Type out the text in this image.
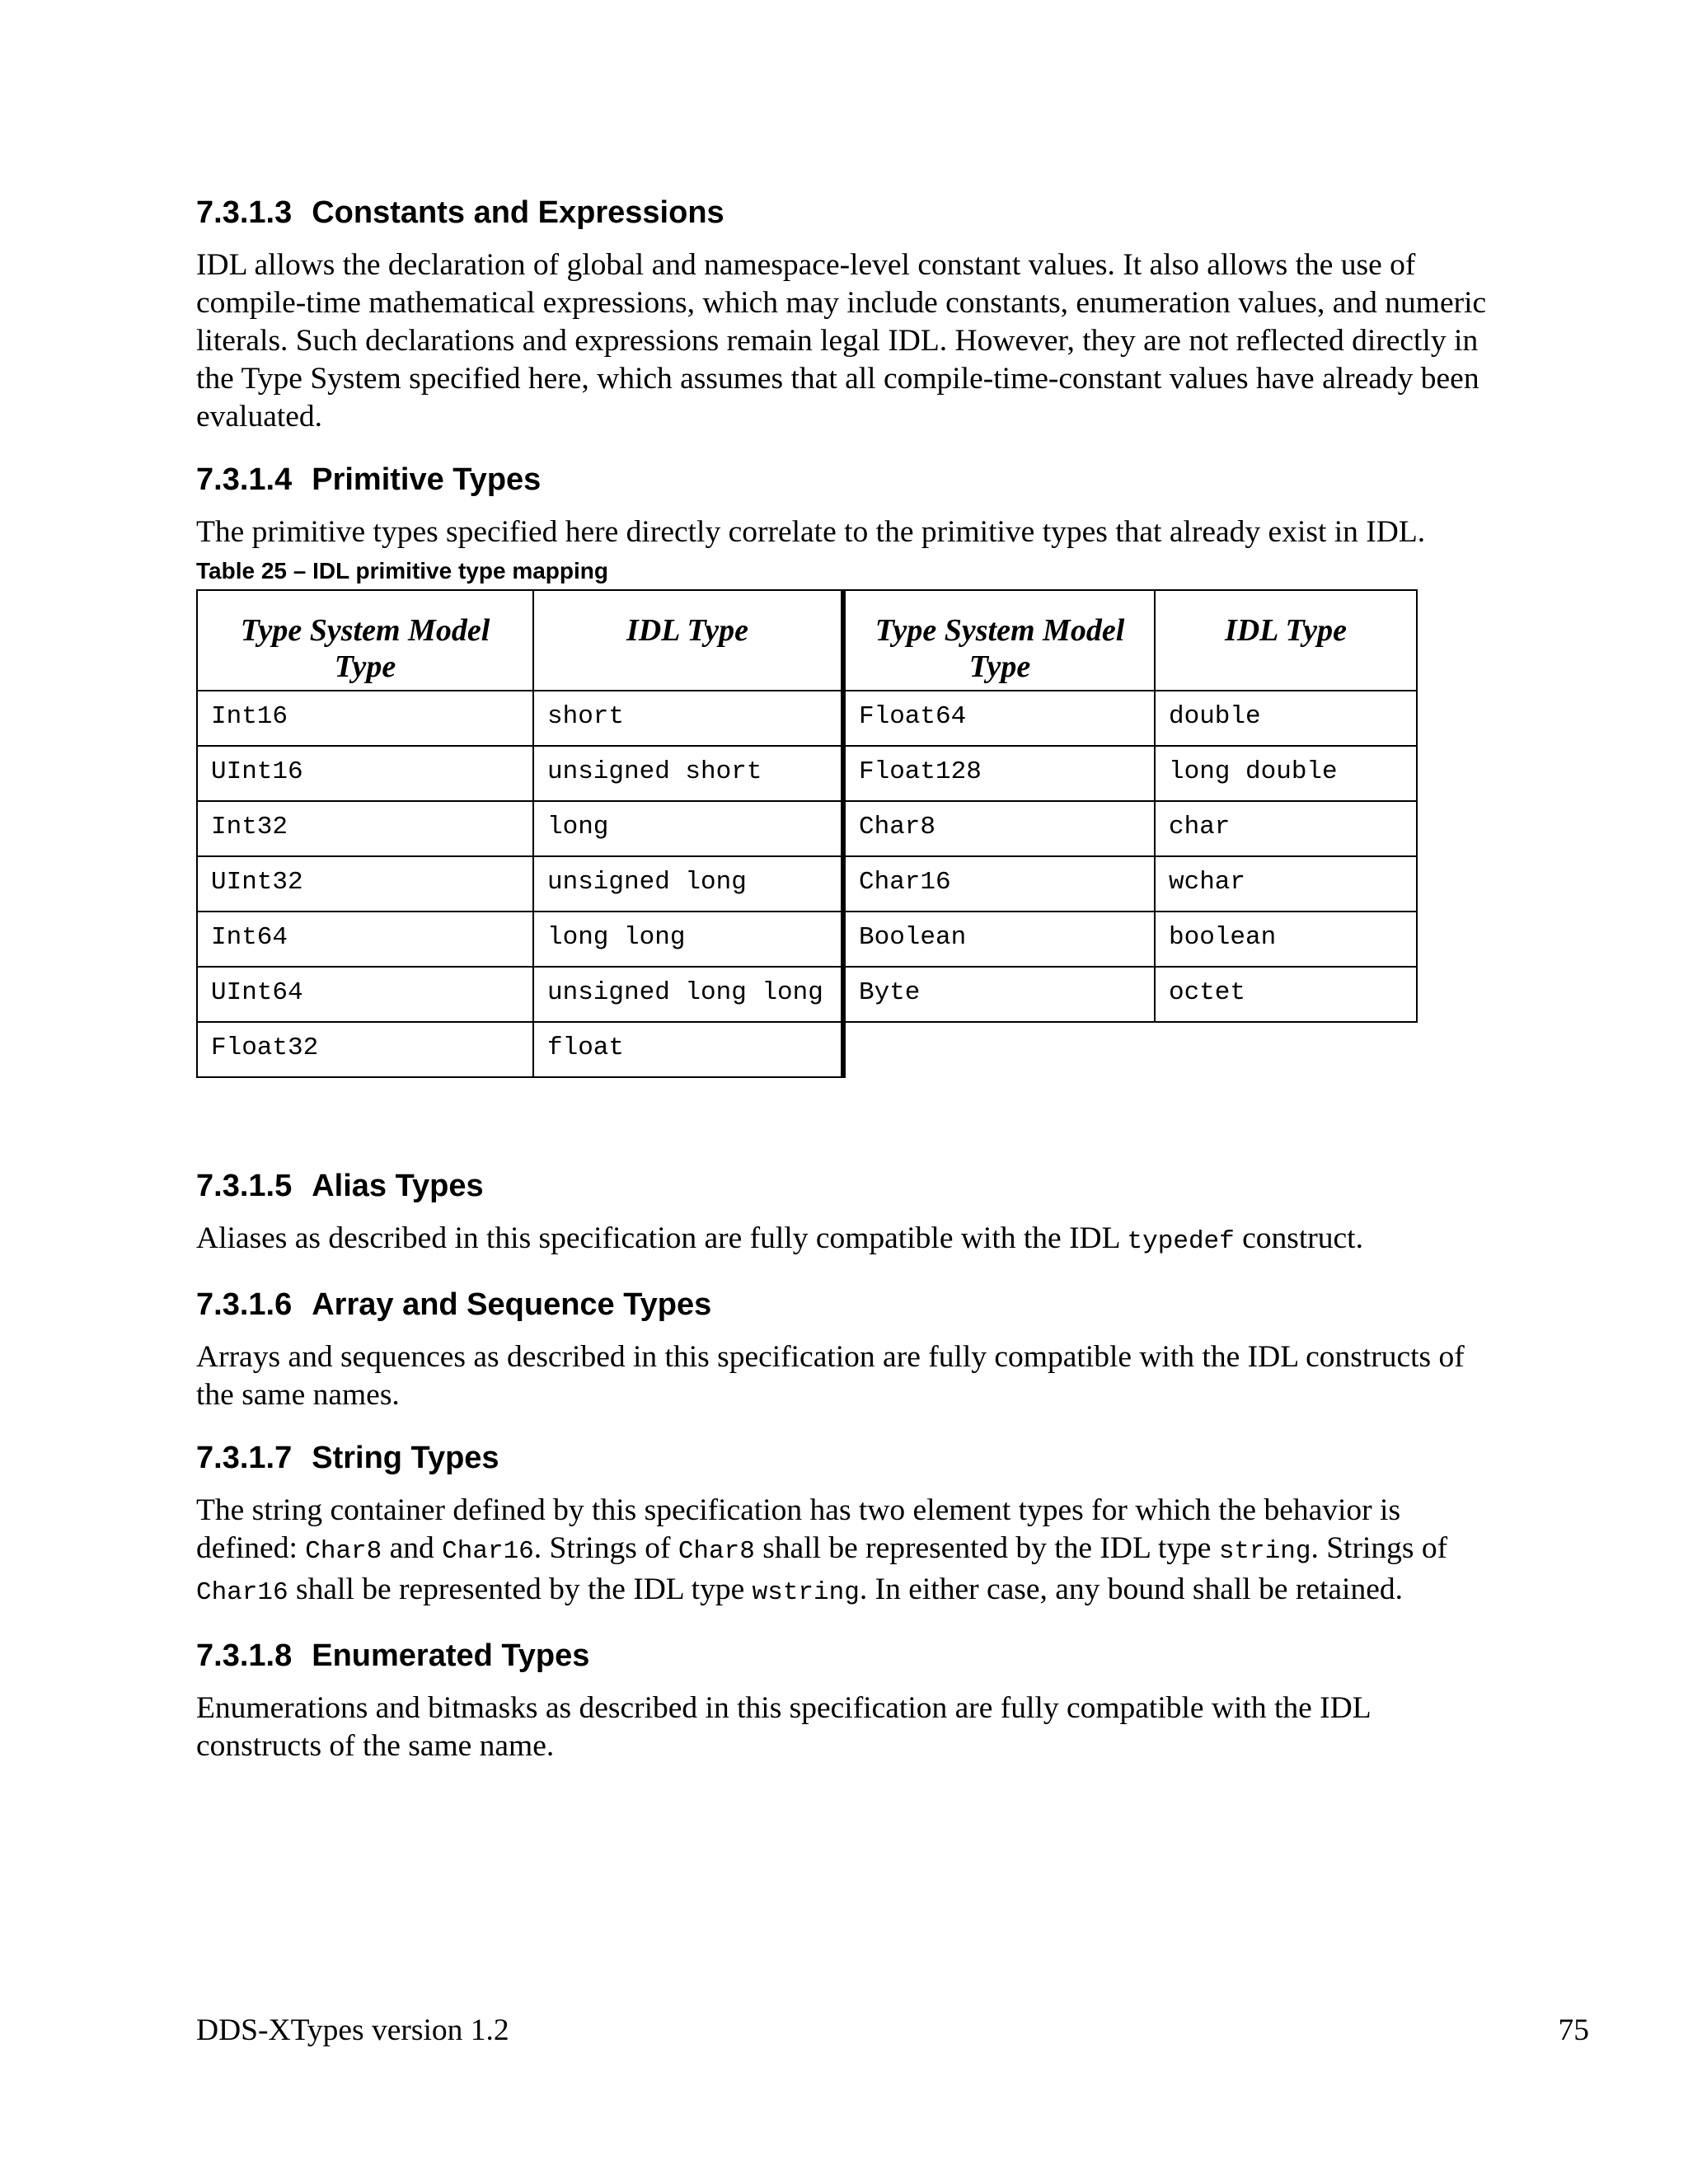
7.3.1.3 Constants and Expressions

IDL allows the declaration of global and namespace-level constant values. It also allows the use of compile-time mathematical expressions, which may include constants, enumeration values, and numeric literals. Such declarations and expressions remain legal IDL. However, they are not reflected directly in the Type System specified here, which assumes that all compile-time-constant values have already been evaluated.

7.3.1.4 Primitive Types

The primitive types specified here directly correlate to the primitive types that already exist in IDL.

Table 25 – IDL primitive type mapping
Type System Model Type	IDL Type	Type System Model Type	IDL Type
Int16	short	Float64	double
UInt16	unsigned short	Float128	long double
Int32	long	Char8	char
UInt32	unsigned long	Char16	wchar
Int64	long long	Boolean	boolean
UInt64	unsigned long long	Byte	octet
Float32	float		
7.3.1.5 Alias Types

Aliases as described in this specification are fully compatible with the IDL typedef construct.

7.3.1.6 Array and Sequence Types

Arrays and sequences as described in this specification are fully compatible with the IDL constructs of the same names.

7.3.1.7 String Types

The string container defined by this specification has two element types for which the behavior is defined: Char8 and Char16. Strings of Char8 shall be represented by the IDL type string. Strings of Char16 shall be represented by the IDL type wstring. In either case, any bound shall be retained.

7.3.1.8 Enumerated Types

Enumerations and bitmasks as described in this specification are fully compatible with the IDL constructs of the same name.

DDS-XTypes version 1.2	75
